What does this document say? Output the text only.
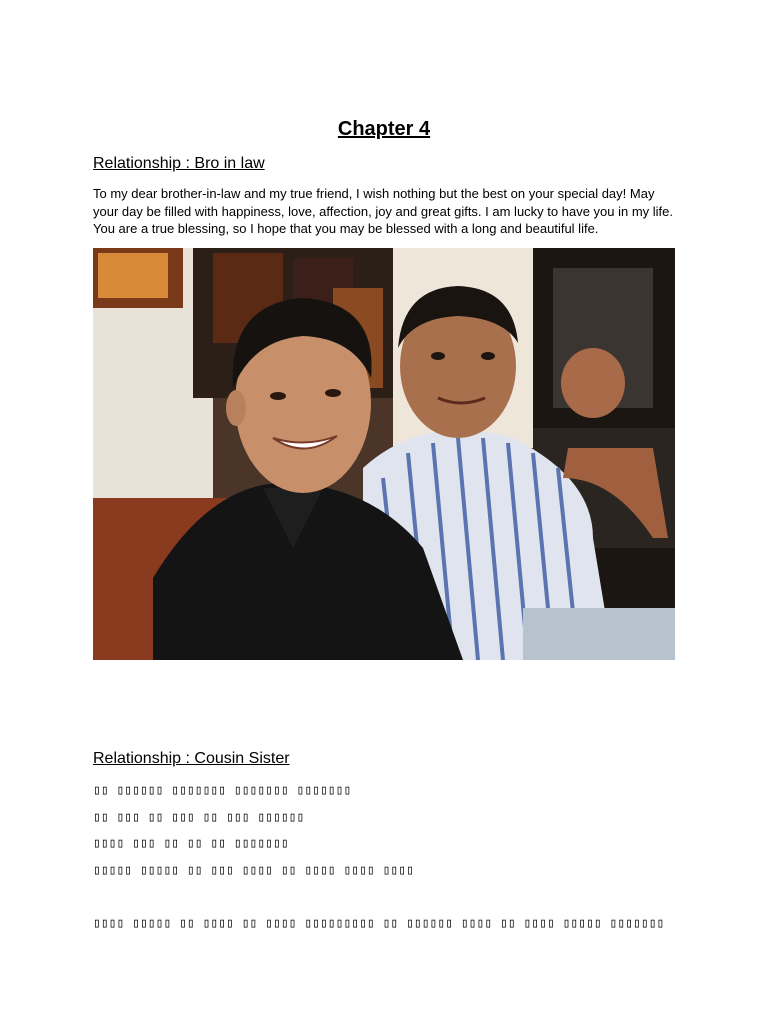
Chapter 4
Relationship : Bro in law
To my dear brother-in-law and my true friend, I wish nothing but the best on your special day! May your day be filled with happiness, love, affection, joy and great gifts. I am lucky to have you in my life. You are a true blessing, so I hope that you may be blessed with a long and beautiful life.
Relationship : Cousin Sister
▯▯ ▯▯▯▯▯▯ ▯▯▯▯▯▯▯ ▯▯▯▯▯▯▯ ▯▯▯▯▯▯▯
▯▯ ▯▯▯ ▯▯ ▯▯▯ ▯▯ ▯▯▯ ▯▯▯▯▯▯
▯▯▯▯ ▯▯▯ ▯▯ ▯▯ ▯▯ ▯▯▯▯▯▯▯
▯▯▯▯▯ ▯▯▯▯▯ ▯▯ ▯▯▯ ▯▯▯▯ ▯▯ ▯▯▯▯ ▯▯▯▯ ▯▯▯▯
▯▯▯▯ ▯▯▯▯▯ ▯▯ ▯▯▯▯ ▯▯ ▯▯▯▯ ▯▯▯▯▯▯▯▯▯ ▯▯ ▯▯▯▯▯▯ ▯▯▯▯ ▯▯ ▯▯▯▯ ▯▯▯▯▯ ▯▯▯▯▯▯▯
